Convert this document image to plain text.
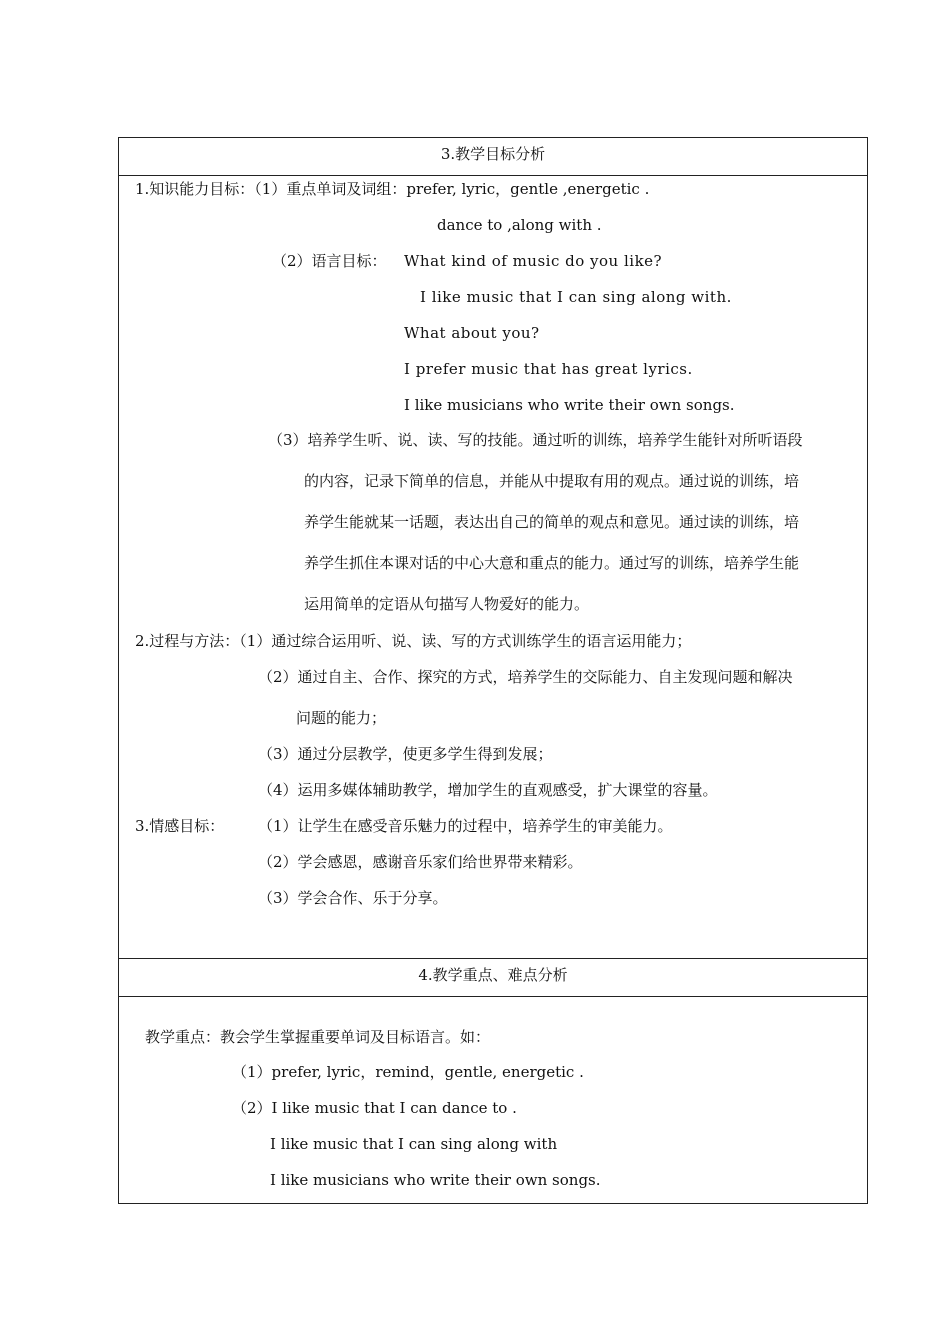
3.教学目标分析
1.知识能力目标：（1）重点单词及词组：prefer, lyric，gentle ,energetic .
dance to ,along with .
（2）语言目标： What kind of music do you like?
I like music that I can sing along with.
What about you?
I prefer music that has great lyrics.
I like musicians who write their own songs.
（3）培养学生听、说、读、写的技能。通过听的训练，培养学生能针对所听语段
的内容，记录下简单的信息，并能从中提取有用的观点。通过说的训练，培
养学生能就某一话题，表达出自己的简单的观点和意见。通过读的训练，培
养学生抓住本课对话的中心大意和重点的能力。通过写的训练，培养学生能
运用简单的定语从句描写人物爱好的能力。
2.过程与方法：（1）通过综合运用听、说、读、写的方式训练学生的语言运用能力；
（2）通过自主、合作、探究的方式，培养学生的交际能力、自主发现问题和解决
问题的能力；
（3）通过分层教学，使更多学生得到发展；
（4）运用多媒体辅助教学，增加学生的直观感受，扩大课堂的容量。
3.情感目标： （1）让学生在感受音乐魅力的过程中，培养学生的审美能力。
（2）学会感恩，感谢音乐家们给世界带来精彩。
（3）学会合作、乐于分享。
4.教学重点、难点分析
教学重点：教会学生掌握重要单词及目标语言。如：
（1）prefer, lyric，remind，gentle, energetic .
（2）I like music that I can dance to .
I like music that I can sing along with
I like musicians who write their own songs.
